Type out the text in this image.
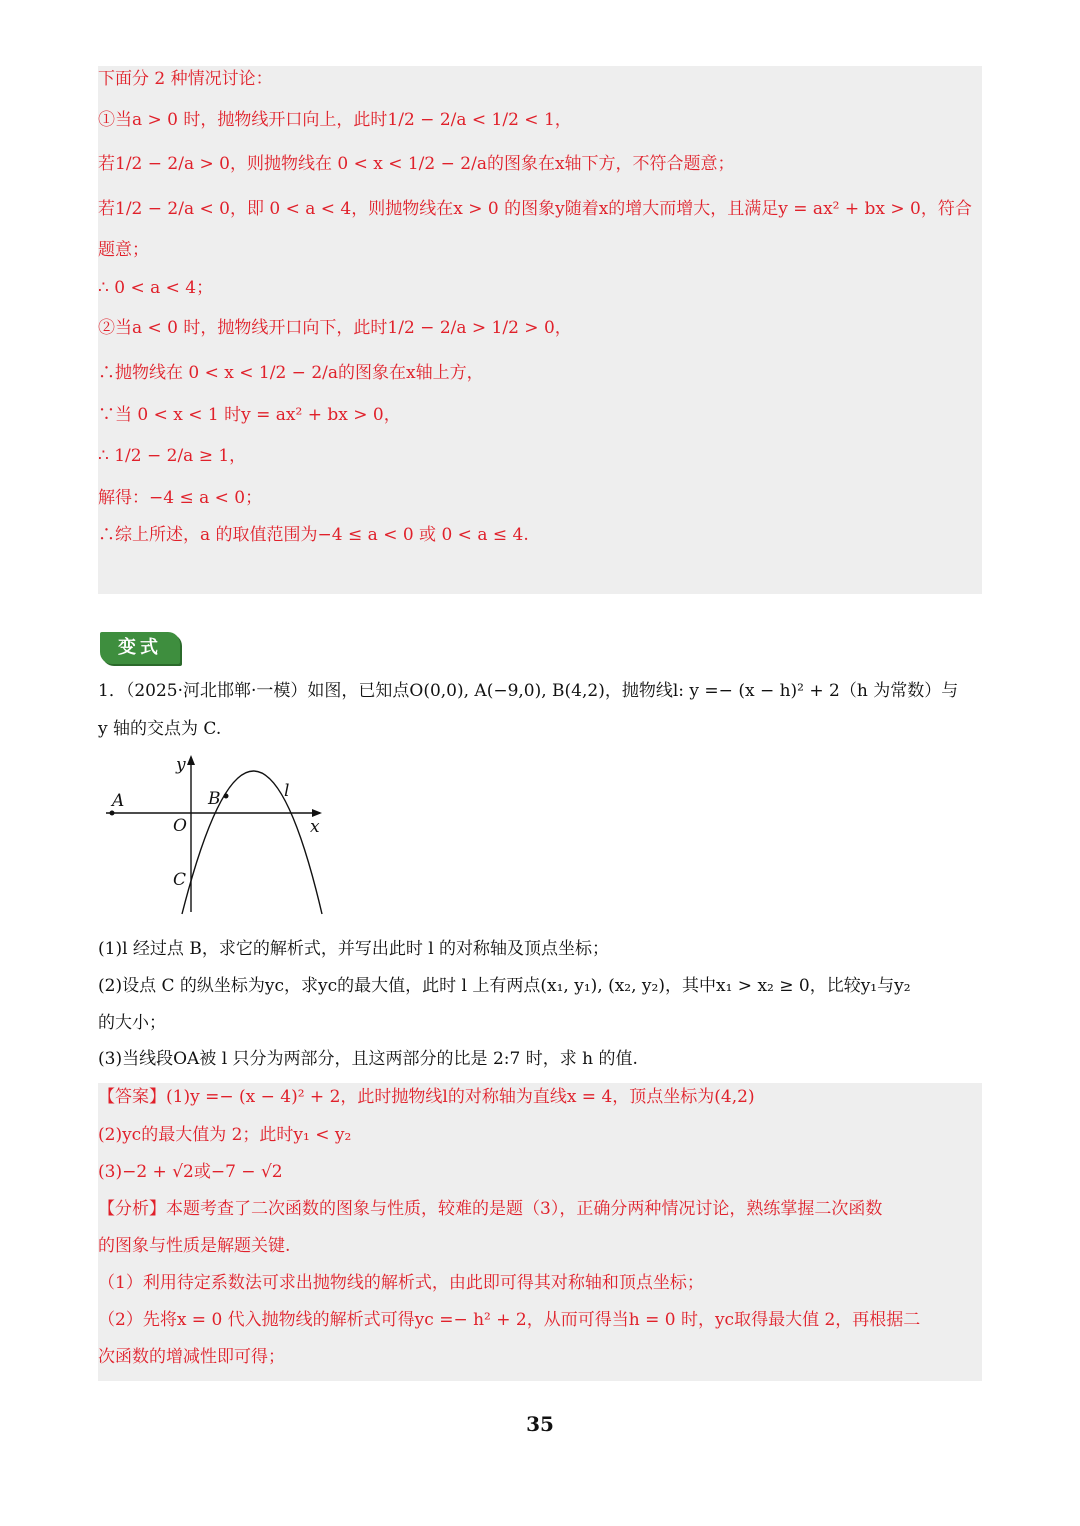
下面分 2 种情况讨论：
①当a > 0 时，抛物线开口向上，此时1/2 − 2/a < 1/2 < 1，
若1/2 − 2/a > 0，则抛物线在 0 < x < 1/2 − 2/a的图象在x轴下方，不符合题意；
若1/2 − 2/a < 0，即 0 < a < 4，则抛物线在x > 0 的图象y随着x的增大而增大，且满足y = ax² + bx > 0，符合
题意；
∴ 0 < a < 4；
②当a < 0 时，抛物线开口向下，此时1/2 − 2/a > 1/2 > 0，
∴抛物线在 0 < x < 1/2 − 2/a的图象在x轴上方，
∵当 0 < x < 1 时y = ax² + bx > 0，
∴ 1/2 − 2/a ≥ 1，
解得：−4 ≤ a < 0；
∴综上所述，a 的取值范围为−4 ≤ a < 0 或 0 < a ≤ 4.
变式
1．（2025·河北邯郸·一模）如图，已知点O(0,0), A(−9,0), B(4,2)，抛物线l: y =− (x − h)² + 2（h 为常数）与
y 轴的交点为 C.
y
x
A	B
O
C
l
(1)l 经过点 B，求它的解析式，并写出此时 l 的对称轴及顶点坐标；
(2)设点 C 的纵坐标为yc，求yc的最大值，此时 l 上有两点(x₁, y₁), (x₂, y₂)，其中x₁ > x₂ ≥ 0，比较y₁与y₂
的大小；
(3)当线段OA被 l 只分为两部分，且这两部分的比是 2:7 时，求 h 的值.
【答案】(1)y =− (x − 4)² + 2，此时抛物线l的对称轴为直线x = 4，顶点坐标为(4,2)
(2)yc的最大值为 2；此时y₁ < y₂
(3)−2 + √2或−7 − √2
【分析】本题考查了二次函数的图象与性质，较难的是题（3），正确分两种情况讨论，熟练掌握二次函数
的图象与性质是解题关键.
（1）利用待定系数法可求出抛物线的解析式，由此即可得其对称轴和顶点坐标；
（2）先将x = 0 代入抛物线的解析式可得yc =− h² + 2，从而可得当h = 0 时，yc取得最大值 2，再根据二
次函数的增减性即可得；
35
